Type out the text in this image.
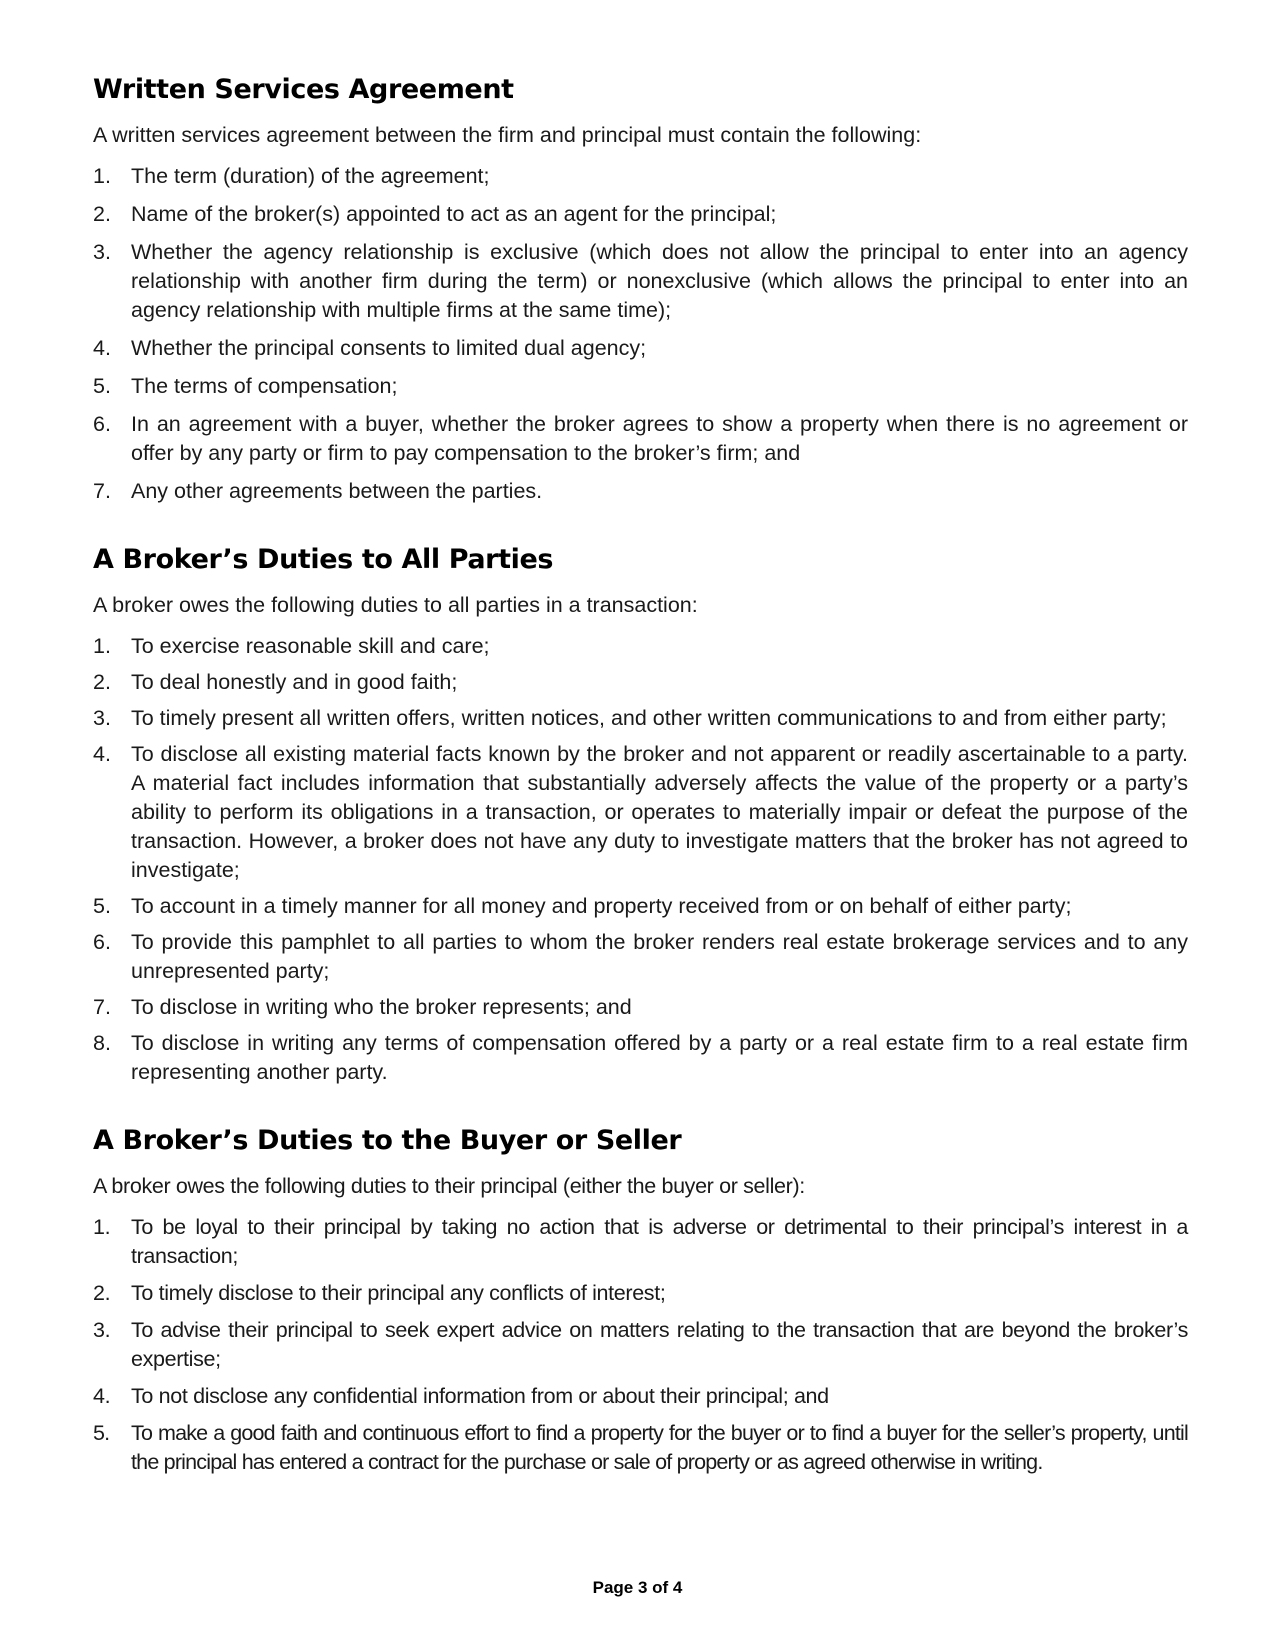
Written Services Agreement

A written services agreement between the firm and principal must contain the following:

1. The term (duration) of the agreement;
2. Name of the broker(s) appointed to act as an agent for the principal;
3. Whether the agency relationship is exclusive (which does not allow the principal to enter into an agency relationship with another firm during the term) or nonexclusive (which allows the principal to enter into an agency relationship with multiple firms at the same time);
4. Whether the principal consents to limited dual agency;
5. The terms of compensation;
6. In an agreement with a buyer, whether the broker agrees to show a property when there is no agreement or offer by any party or firm to pay compensation to the broker’s firm; and
7. Any other agreements between the parties.
A Broker’s Duties to All Parties

A broker owes the following duties to all parties in a transaction:

1. To exercise reasonable skill and care;
2. To deal honestly and in good faith;
3. To timely present all written offers, written notices, and other written communications to and from either party;
4. To disclose all existing material facts known by the broker and not apparent or readily ascertainable to a party. A material fact includes information that substantially adversely affects the value of the property or a party’s ability to perform its obligations in a transaction, or operates to materially impair or defeat the purpose of the transaction. However, a broker does not have any duty to investigate matters that the broker has not agreed to investigate;
5. To account in a timely manner for all money and property received from or on behalf of either party;
6. To provide this pamphlet to all parties to whom the broker renders real estate brokerage services and to any unrepresented party;
7. To disclose in writing who the broker represents; and
8. To disclose in writing any terms of compensation offered by a party or a real estate firm to a real estate firm representing another party.
A Broker’s Duties to the Buyer or Seller

A broker owes the following duties to their principal (either the buyer or seller):

1. To be loyal to their principal by taking no action that is adverse or detrimental to their principal’s interest in a transaction;
2. To timely disclose to their principal any conflicts of interest;
3. To advise their principal to seek expert advice on matters relating to the transaction that are beyond the broker’s expertise;
4. To not disclose any confidential information from or about their principal; and
5.	To make a good faith and continuous effort to find a property for the buyer or to find a buyer for the seller’s property, until the principal has entered a contract for the purchase or sale of property or as agreed otherwise in writing.
Page 3 of 4
